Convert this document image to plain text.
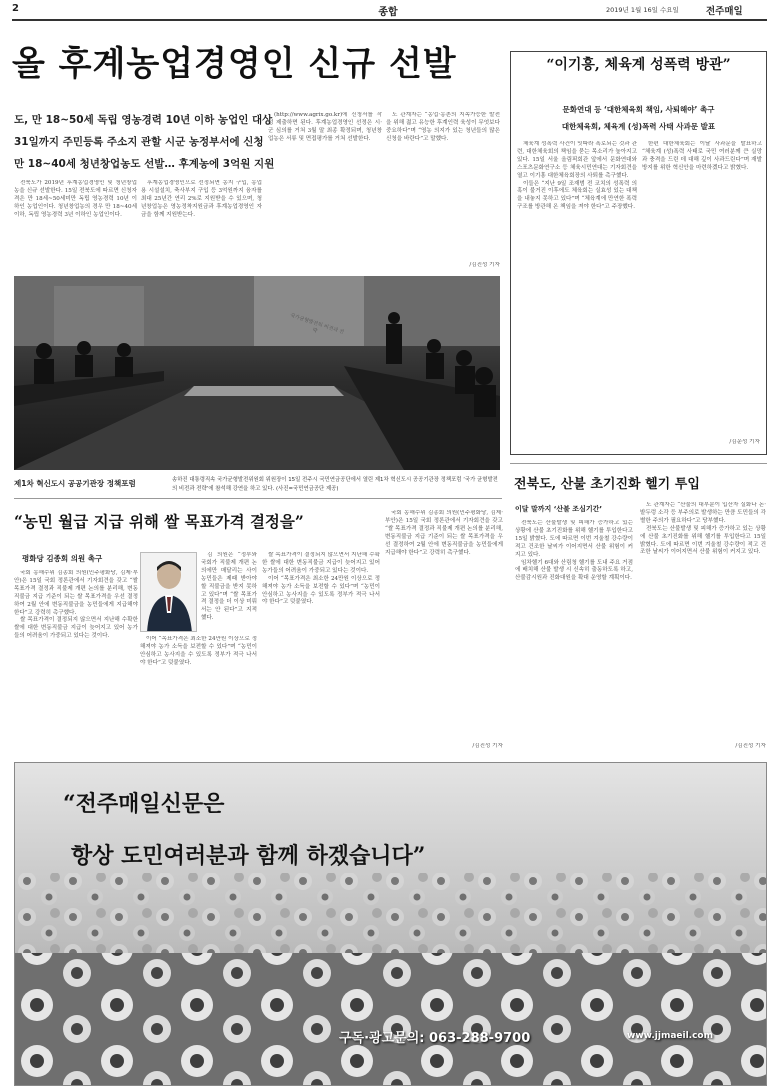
2	종합	2019년 1월 16일 수요일	전주매일
올 후계농업경영인 신규 선발
도, 만 18~50세 독립 영농경력 10년 이하 농업인 대상
31일까지 주민등록 주소지 관할 시군 농정부서에 신청
만 18~40세 청년창업농도 선발… 후계농에 3억원 지원

전북도가 2019년 후계농업경영인 및 청년창업농을 신규 선발한다. 15일 전북도에 따르면 신청자격은 만 18세~50세미만 독립 영농경력 10년 이하인 농업인이다. 청년창업농의 경우 만 18~40세 이하, 독립 영농경력 3년 이하인 농업인이다.

후계농업경영인으로 선정되면 농지 구입, 농업용 시설설치, 축사부지 구입 등 3억원까지 융자를 최대 25년간 연리 2%로 지원받을 수 있으며, 청년창업농은 영농정착지원금과 후계농업경영인 자금을 함께 지원받는다.

(http://www.agrix.go.kr)에 신청서를 작성 제출하면 된다. 후계농업경영인 선정은 시·군 심의를 거쳐 3월 말 최종 확정되며, 청년창업농은 서류 및 면접평가를 거쳐 선발한다.

도 관계자는 “농업·농촌의 지속가능한 발전을 위해 젊고 유능한 후계인력 육성이 무엇보다 중요하다”며 “영농 의지가 있는 청년들의 많은 신청을 바란다”고 말했다.

/김진성 기자
국가균형발전의 비전과 전략
제1차 혁신도시 공공기관장 정책포럼	송하진 대통령직속 국가균형발전위원회 위원장이 15일 전주시 국민연금공단에서 열린 제1차 혁신도시 공공기관장 정책포럼 ‘국가 균형발전의 비전과 전략’에 참석해 강연을 하고 있다. (사진=국민연금공단 제공)
“이기흥, 체육계 성폭력 방관”
문화연대 등 ‘대한체육회 책임, 사퇴해야’ 촉구
대한체육회, 체육계 (성)폭력 사태 사과문 발표

체육계 성폭력 사건이 잇따라 폭로되는 것과 관련, 대한체육회의 책임을 묻는 목소리가 높아지고 있다. 15일 서울 올림픽회관 앞에서 문화연대와 스포츠문화연구소 등 체육시민연대는 기자회견을 열고 이기흥 대한체육회장의 사퇴를 촉구했다.

이들은 “지난 9일 조재범 전 코치의 성폭력 의혹이 불거진 이후에도 체육회는 실효성 있는 대책을 내놓지 못하고 있다”며 “체육계에 만연한 폭력 구조를 방관해 온 책임을 져야 한다”고 주장했다.

한편 대한체육회는 이날 사과문을 발표하고 “체육계 (성)폭력 사태로 국민 여러분께 큰 실망과 충격을 드린 데 대해 깊이 사과드린다”며 재발 방지를 위한 혁신안을 마련하겠다고 밝혔다.

/김운성 기자
“농민 월급 지급 위해 쌀 목표가격 결정을”
평화당 김종회 의원 촉구

국회 농해수위 김종회 의원(민주평화당, 김제·부안)은 15일 국회 정론관에서 기자회견을 갖고 “쌀 목표가격 결정과 직불제 개편 논의를 분리해, 변동직불금 지급 기준이 되는 쌀 목표가격을 우선 결정하여 2월 안에 변동직불금을 농민들에게 지급해야 한다”고 강력히 촉구했다.

쌀 목표가격이 결정되지 않으면서 지난해 수확한 쌀에 대한 변동직불금 지급이 늦어지고 있어 농가들의 어려움이 가중되고 있다는 것이다.

김 의원은 “정부와 국회가 직불제 개편 논의에만 매달리는 사이 농민들은 제때 받아야 할 직불금을 받지 못하고 있다”며 “쌀 목표가격 결정을 더 이상 미뤄서는 안 된다”고 지적했다.

이어 “목표가격은 최소한 24만원 이상으로 정해져야 농가 소득을 보전할 수 있다”며 “농민이 안심하고 농사지을 수 있도록 정부가 적극 나서야 한다”고 덧붙였다.

쌀 목표가격이 결정되지 않으면서 지난해 수확한 쌀에 대한 변동직불금 지급이 늦어지고 있어 농가들의 어려움이 가중되고 있다는 것이다.

이어 “목표가격은 최소한 24만원 이상으로 정해져야 농가 소득을 보전할 수 있다”며 “농민이 안심하고 농사지을 수 있도록 정부가 적극 나서야 한다”고 덧붙였다.

국회 농해수위 김종회 의원(민주평화당, 김제·부안)은 15일 국회 정론관에서 기자회견을 갖고 “쌀 목표가격 결정과 직불제 개편 논의를 분리해, 변동직불금 지급 기준이 되는 쌀 목표가격을 우선 결정하여 2월 안에 변동직불금을 농민들에게 지급해야 한다”고 강력히 촉구했다.

/김진성 기자
전북도, 산불 초기진화 헬기 투입
이달 말까지 ‘산불 조심기간’

전북도는 산불발생 및 피해가 증가하고 있는 상황에 산불 초기진화를 위해 헬기를 투입한다고 15일 밝혔다. 도에 따르면 이번 겨울철 강수량이 적고 건조한 날씨가 이어지면서 산불 위험이 커지고 있다.

임차헬기 6대와 산림청 헬기를 도내 주요 거점에 배치해 산불 발생 시 신속히 출동하도록 하고, 산불감시원과 진화대원을 확대 운영할 계획이다.

도 관계자는 “산불의 대부분이 입산자 실화나 논·밭두렁 소각 등 부주의로 발생하는 만큼 도민들의 각별한 주의가 필요하다”고 당부했다.

전북도는 산불발생 및 피해가 증가하고 있는 상황에 산불 초기진화를 위해 헬기를 투입한다고 15일 밝혔다. 도에 따르면 이번 겨울철 강수량이 적고 건조한 날씨가 이어지면서 산불 위험이 커지고 있다.

/김진성 기자
“전주매일신문은
항상 도민여러분과 함께 하겠습니다”
구독·광고문의: 063-288-9700	www.jjmaeil.com
